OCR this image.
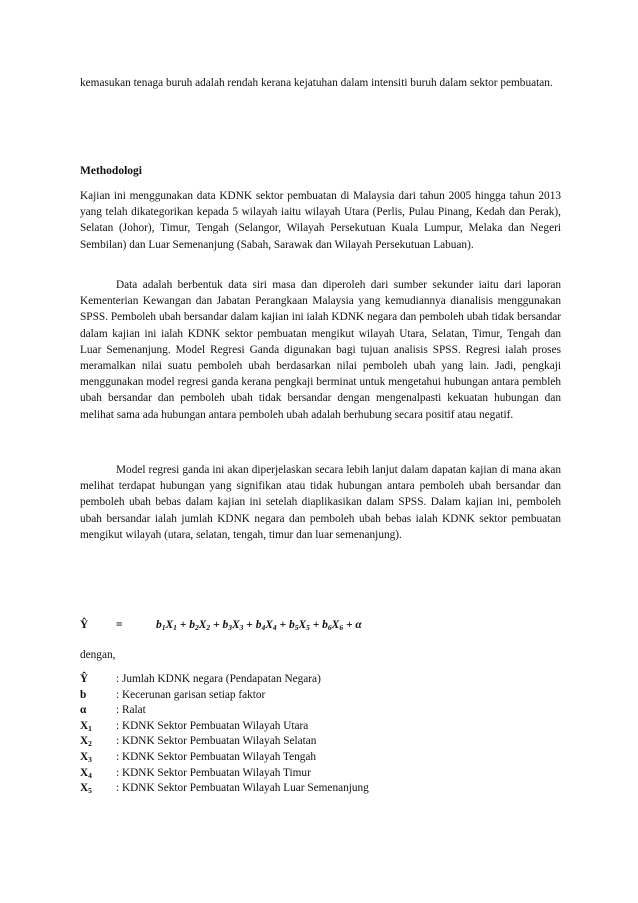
kemasukan tenaga buruh adalah rendah kerana kejatuhan dalam intensiti buruh dalam sektor pembuatan.

Methodologi

Kajian ini menggunakan data KDNK sektor pembuatan di Malaysia dari tahun 2005 hingga tahun 2013 yang telah dikategorikan kepada 5 wilayah iaitu wilayah Utara (Perlis, Pulau Pinang, Kedah dan Perak), Selatan (Johor), Timur, Tengah (Selangor, Wilayah Persekutuan Kuala Lumpur, Melaka dan Negeri Sembilan) dan Luar Semenanjung (Sabah, Sarawak dan Wilayah Persekutuan Labuan).

Data adalah berbentuk data siri masa dan diperoleh dari sumber sekunder iaitu dari laporan Kementerian Kewangan dan Jabatan Perangkaan Malaysia yang kemudiannya dianalisis menggunakan SPSS. Pemboleh ubah bersandar dalam kajian ini ialah KDNK negara dan pemboleh ubah tidak bersandar dalam kajian ini ialah KDNK sektor pembuatan mengikut wilayah Utara, Selatan, Timur, Tengah dan Luar Semenanjung. Model Regresi Ganda digunakan bagi tujuan analisis SPSS. Regresi ialah proses meramalkan nilai suatu pemboleh ubah berdasarkan nilai pemboleh ubah yang lain. Jadi, pengkaji menggunakan model regresi ganda kerana pengkaji berminat untuk mengetahui hubungan antara pembleh ubah bersandar dan pemboleh ubah tidak bersandar dengan mengenalpasti kekuatan hubungan dan melihat sama ada hubungan antara pemboleh ubah adalah berhubung secara positif atau negatif.

Model regresi ganda ini akan diperjelaskan secara lebih lanjut dalam dapatan kajian di mana akan melihat terdapat hubungan yang signifikan atau tidak hubungan antara pemboleh ubah bersandar dan pemboleh ubah bebas dalam kajian ini setelah diaplikasikan dalam SPSS. Dalam kajian ini, pemboleh ubah bersandar ialah jumlah KDNK negara dan pemboleh ubah bebas ialah KDNK sektor pembuatan mengikut wilayah (utara, selatan, tengah, timur dan luar semenanjung).

Ŷ =	$b_1X_1 + b_2X_2 + b_3X_3 + b_4X_4 + b_5X_5 + b_6X_6 + \alpha$
dengan,
Ŷ : Jumlah KDNK negara (Pendapatan Negara)
b	: Kecerunan garisan setiap faktor
α	: Ralat
$X_1$ : KDNK Sektor Pembuatan Wilayah Utara
$X_2$ : KDNK Sektor Pembuatan Wilayah Selatan
$X_3$ : KDNK Sektor Pembuatan Wilayah Tengah
$X_4$ : KDNK Sektor Pembuatan Wilayah Timur
$X_5$ : KDNK Sektor Pembuatan Wilayah Luar Semenanjung
